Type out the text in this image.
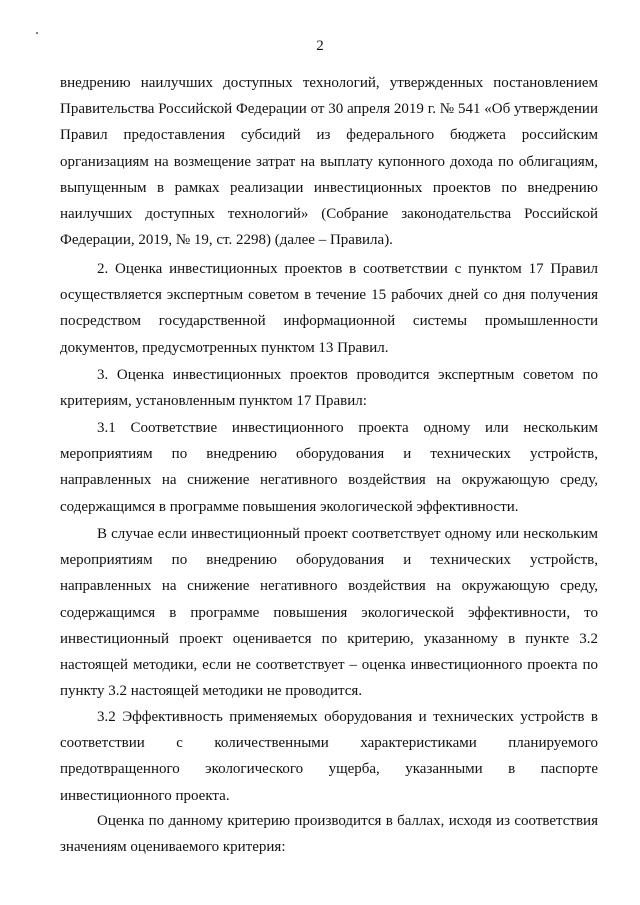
2

внедрению наилучших доступных технологий, утвержденных постановлением Правительства Российской Федерации от 30 апреля 2019 г. № 541 «Об утверждении Правил предоставления субсидий из федерального бюджета российским организациям на возмещение затрат на выплату купонного дохода по облигациям, выпущенным в рамках реализации инвестиционных проектов по внедрению наилучших доступных технологий» (Собрание законодательства Российской Федерации, 2019, № 19, ст. 2298) (далее – Правила).

2. Оценка инвестиционных проектов в соответствии с пунктом 17 Правил осуществляется экспертным советом в течение 15 рабочих дней со дня получения посредством государственной информационной системы промышленности документов, предусмотренных пунктом 13 Правил.

3. Оценка инвестиционных проектов проводится экспертным советом по критериям, установленным пунктом 17 Правил:

3.1 Соответствие инвестиционного проекта одному или нескольким мероприятиям по внедрению оборудования и технических устройств, направленных на снижение негативного воздействия на окружающую среду, содержащимся в программе повышения экологической эффективности.

В случае если инвестиционный проект соответствует одному или нескольким мероприятиям по внедрению оборудования и технических устройств, направленных на снижение негативного воздействия на окружающую среду, содержащимся в программе повышения экологической эффективности, то инвестиционный проект оценивается по критерию, указанному в пункте 3.2 настоящей методики, если не соответствует – оценка инвестиционного проекта по пункту 3.2 настоящей методики не проводится.

3.2 Эффективность применяемых оборудования и технических устройств в соответствии с количественными характеристиками планируемого предотвращенного экологического ущерба, указанными в паспорте инвестиционного проекта.

Оценка по данному критерию производится в баллах, исходя из соответствия значениям оцениваемого критерия:
